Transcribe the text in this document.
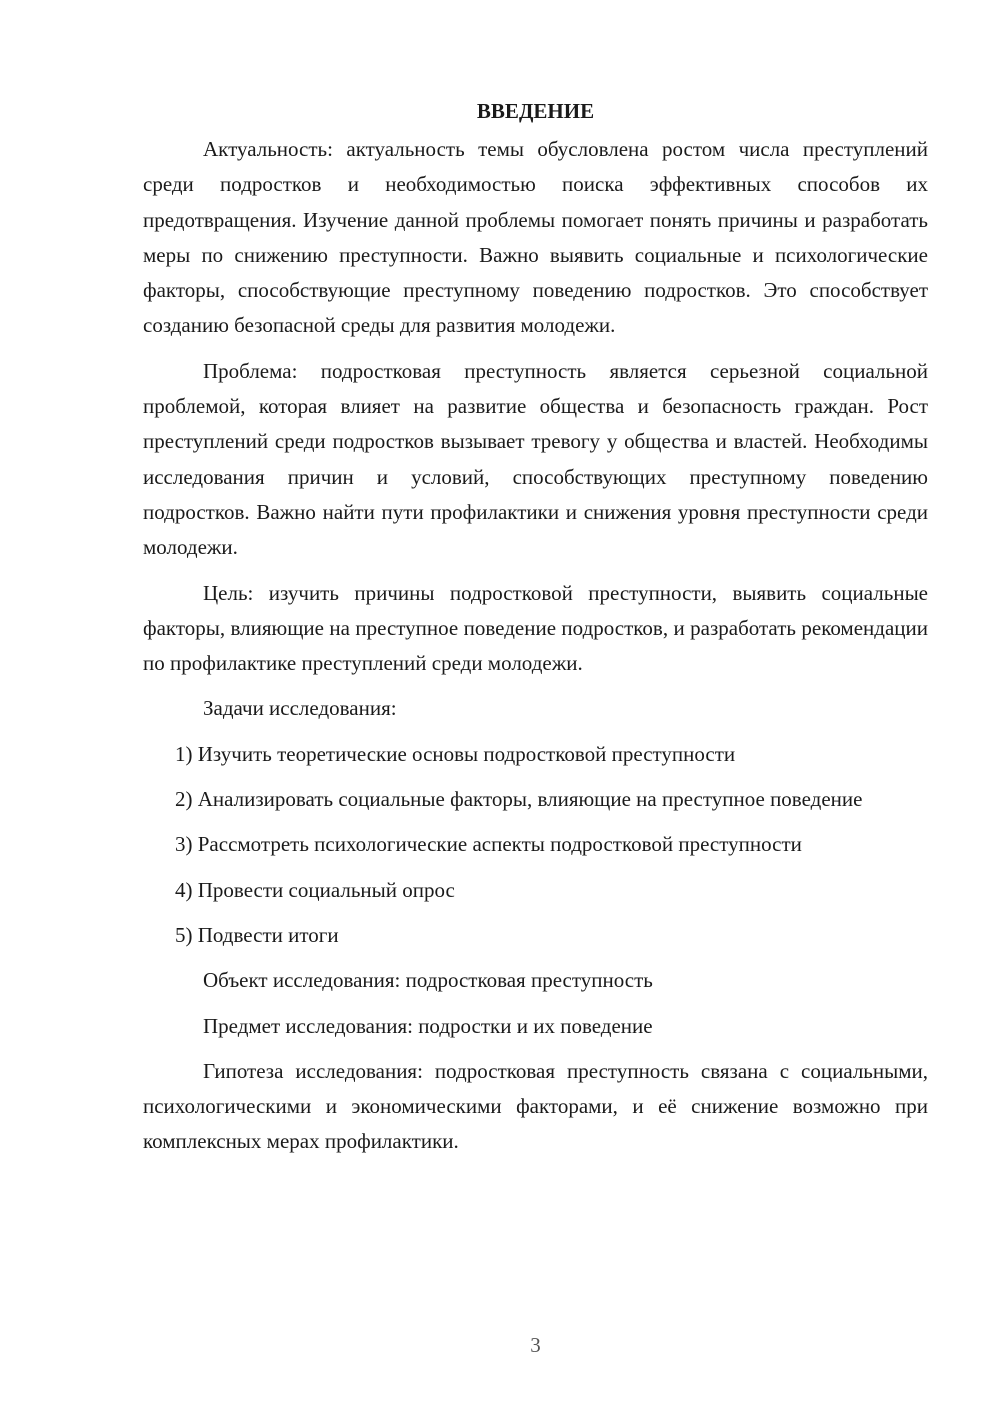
ВВЕДЕНИЕ

Актуальность: актуальность темы обусловлена ростом числа преступлений среди подростков и необходимостью поиска эффективных способов их предотвращения. Изучение данной проблемы помогает понять причины и разработать меры по снижению преступности. Важно выявить социальные и психологические факторы, способствующие преступному поведению подростков. Это способствует созданию безопасной среды для развития молодежи.

Проблема: подростковая преступность является серьезной социальной проблемой, которая влияет на развитие общества и безопасность граждан. Рост преступлений среди подростков вызывает тревогу у общества и властей. Необходимы исследования причин и условий, способствующих преступному поведению подростков. Важно найти пути профилактики и снижения уровня преступности среди молодежи.

Цель: изучить причины подростковой преступности, выявить социальные факторы, влияющие на преступное поведение подростков, и разработать рекомендации по профилактике преступлений среди молодежи.

Задачи исследования:

1) Изучить теоретические основы подростковой преступности

2) Анализировать социальные факторы, влияющие на преступное поведение

3) Рассмотреть психологические аспекты подростковой преступности

4) Провести социальный опрос

5) Подвести итоги

Объект исследования: подростковая преступность

Предмет исследования: подростки и их поведение

Гипотеза исследования: подростковая преступность связана с социальными, психологическими и экономическими факторами, и её снижение возможно при комплексных мерах профилактики.

3
